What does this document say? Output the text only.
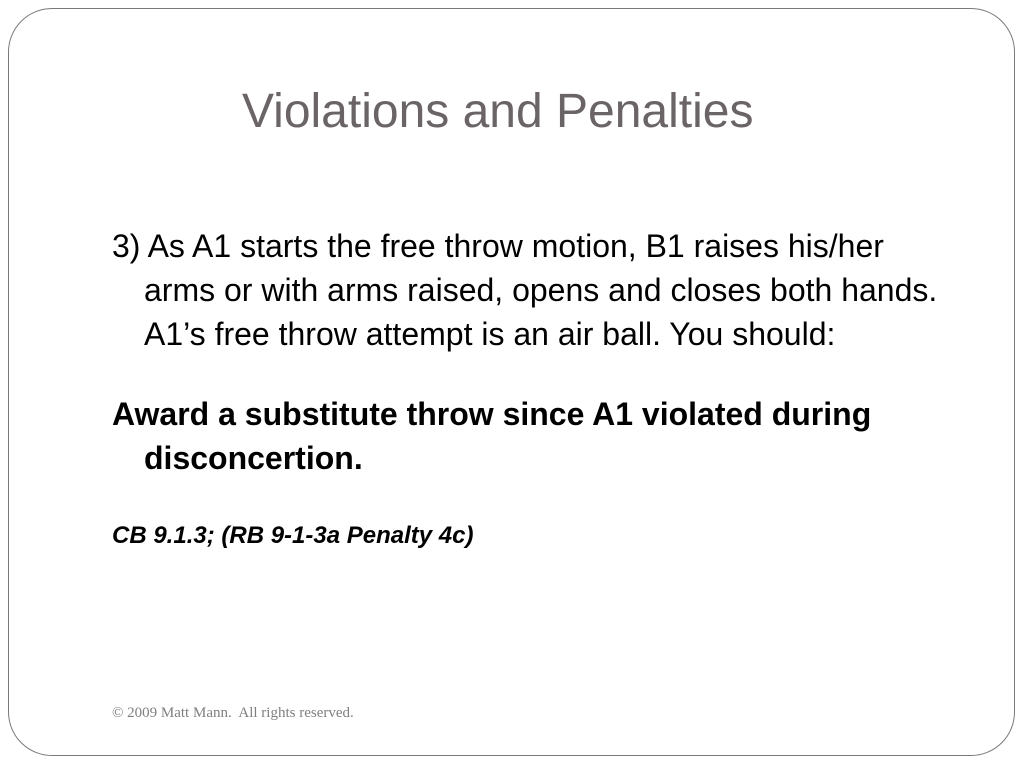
Violations and Penalties

3) As A1 starts the free throw motion, B1 raises his/her arms or with arms raised, opens and closes both hands. A1’s free throw attempt is an air ball. You should:

Award a substitute throw since A1 violated during disconcertion.

CB 9.1.3; (RB 9-1-3a Penalty 4c)

© 2009 Matt Mann.  All rights reserved.
